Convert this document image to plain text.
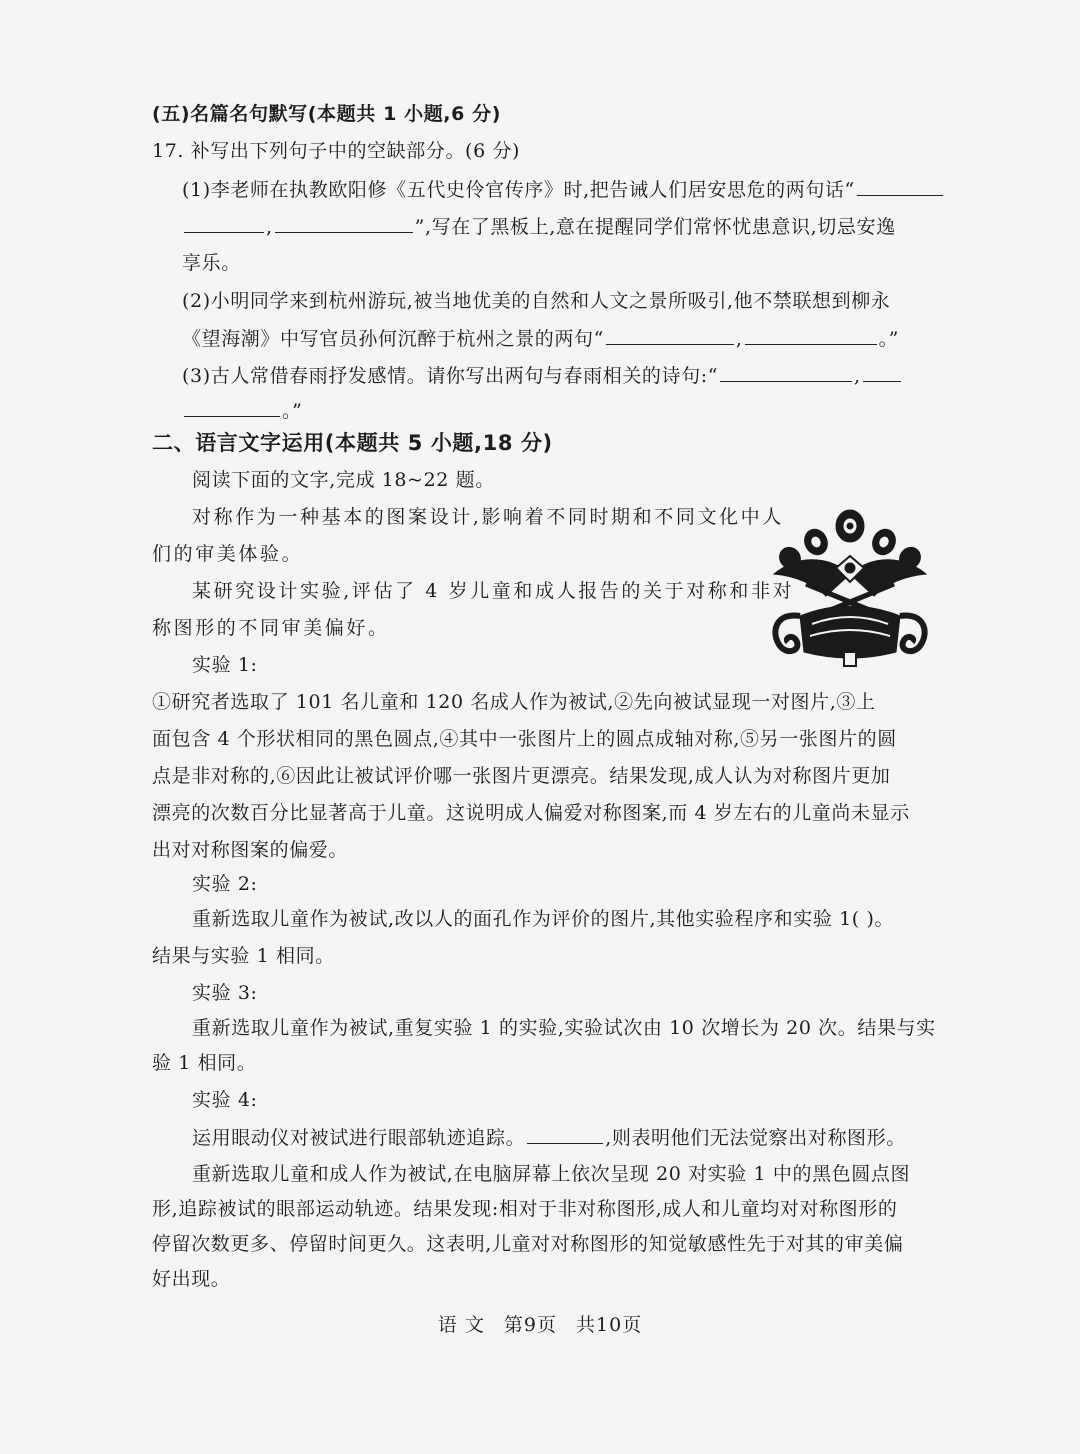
(五)名篇名句默写(本题共 1 小题,6 分)
17. 补写出下列句子中的空缺部分。(6 分)
(1)李老师在执教欧阳修《五代史伶官传序》时,把告诫人们居安思危的两句话“
,	”,写在了黑板上,意在提醒同学们常怀忧患意识,切忌安逸
享乐。
(2)小明同学来到杭州游玩,被当地优美的自然和人文之景所吸引,他不禁联想到柳永
《望海潮》中写官员孙何沉醉于杭州之景的两句“	,	。”
(3)古人常借春雨抒发感情。请你写出两句与春雨相关的诗句:“	,
。”
二、语言文字运用(本题共 5 小题,18 分)
阅读下面的文字,完成 18~22 题。
对称作为一种基本的图案设计,影响着不同时期和不同文化中人
们的审美体验。
某研究设计实验,评估了 4 岁儿童和成人报告的关于对称和非对
称图形的不同审美偏好。
实验 1:
①研究者选取了 101 名儿童和 120 名成人作为被试,②先向被试显现一对图片,③上
面包含 4 个形状相同的黑色圆点,④其中一张图片上的圆点成轴对称,⑤另一张图片的圆
点是非对称的,⑥因此让被试评价哪一张图片更漂亮。结果发现,成人认为对称图片更加
漂亮的次数百分比显著高于儿童。这说明成人偏爱对称图案,而 4 岁左右的儿童尚未显示
出对对称图案的偏爱。
实验 2:
重新选取儿童作为被试,改以人的面孔作为评价的图片,其他实验程序和实验 1( )。
结果与实验 1 相同。
实验 3:
重新选取儿童作为被试,重复实验 1 的实验,实验试次由 10 次增长为 20 次。结果与实
验 1 相同。
实验 4:
运用眼动仪对被试进行眼部轨迹追踪。	,则表明他们无法觉察出对称图形。
重新选取儿童和成人作为被试,在电脑屏幕上依次呈现 20 对实验 1 中的黑色圆点图
形,追踪被试的眼部运动轨迹。结果发现:相对于非对称图形,成人和儿童均对对称图形的
停留次数更多、停留时间更久。这表明,儿童对对称图形的知觉敏感性先于对其的审美偏
好出现。
语 文 第9页 共10页
